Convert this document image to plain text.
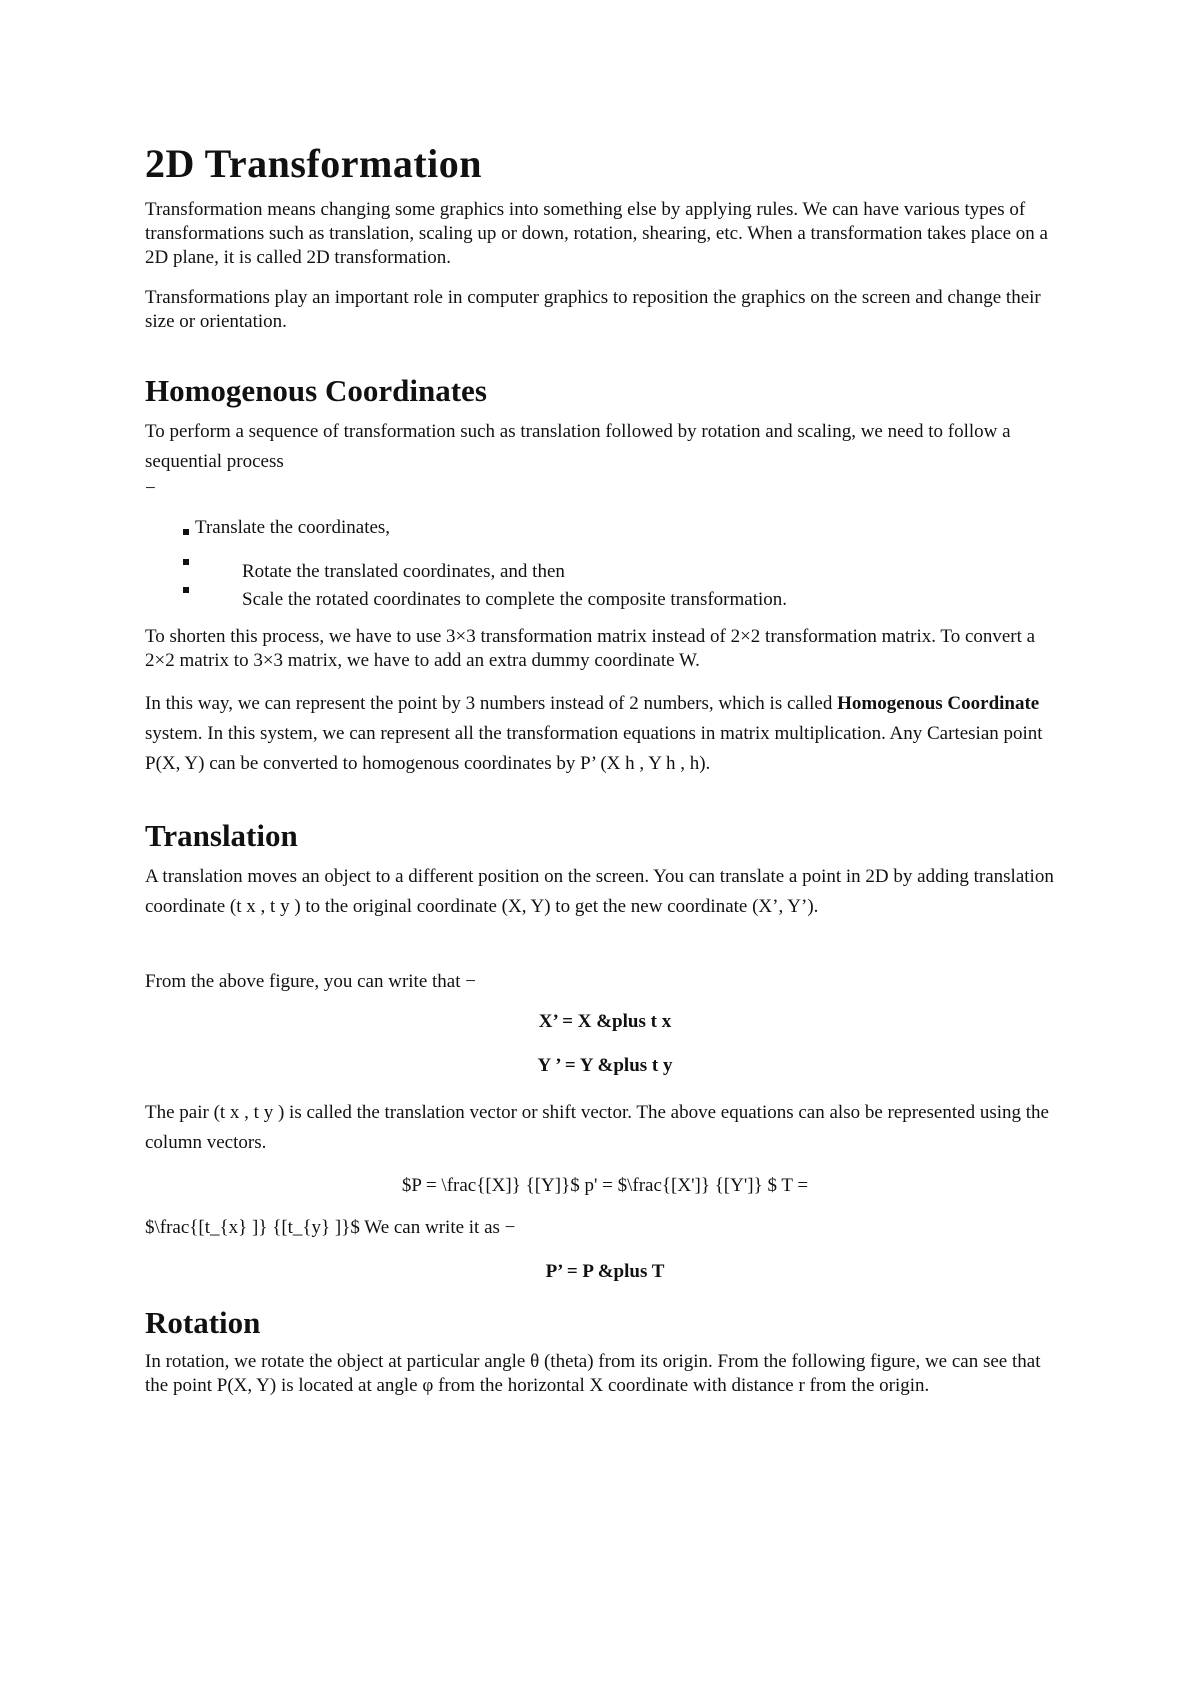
2D Transformation

Transformation means changing some graphics into something else by applying rules. We can have various types of transformations such as translation, scaling up or down, rotation, shearing, etc. When a transformation takes place on a 2D plane, it is called 2D transformation.

Transformations play an important role in computer graphics to reposition the graphics on the screen and change their size or orientation.

Homogenous Coordinates

To perform a sequence of transformation such as translation followed by rotation and scaling, we need to follow a sequential process

−
Translate the coordinates,
Rotate the translated coordinates, and then
Scale the rotated coordinates to complete the composite transformation.

To shorten this process, we have to use 3×3 transformation matrix instead of 2×2 transformation matrix. To convert a 2×2 matrix to 3×3 matrix, we have to add an extra dummy coordinate W.

In this way, we can represent the point by 3 numbers instead of 2 numbers, which is called Homogenous Coordinate system. In this system, we can represent all the transformation equations in matrix multiplication. Any Cartesian point P(X, Y) can be converted to homogenous coordinates by P’ (X h , Y h , h).

Translation

A translation moves an object to a different position on the screen. You can translate a point in 2D by adding translation coordinate (t x , t y ) to the original coordinate (X, Y) to get the new coordinate (X’, Y’).

From the above figure, you can write that −

X’ = X &plus t x
Y ’ = Y &plus t y

The pair (t x , t y ) is called the translation vector or shift vector. The above equations can also be represented using the column vectors.

$P = \frac{[X]} {[Y]}$ p' = $\frac{[X']} {[Y']} $ T =
$\frac{[t_{x} ]} {[t_{y} ]}$ We can write it as −
P’ = P &plus T
Rotation

In rotation, we rotate the object at particular angle θ (theta) from its origin. From the following figure, we can see that the point P(X, Y) is located at angle φ from the horizontal X coordinate with distance r from the origin.
